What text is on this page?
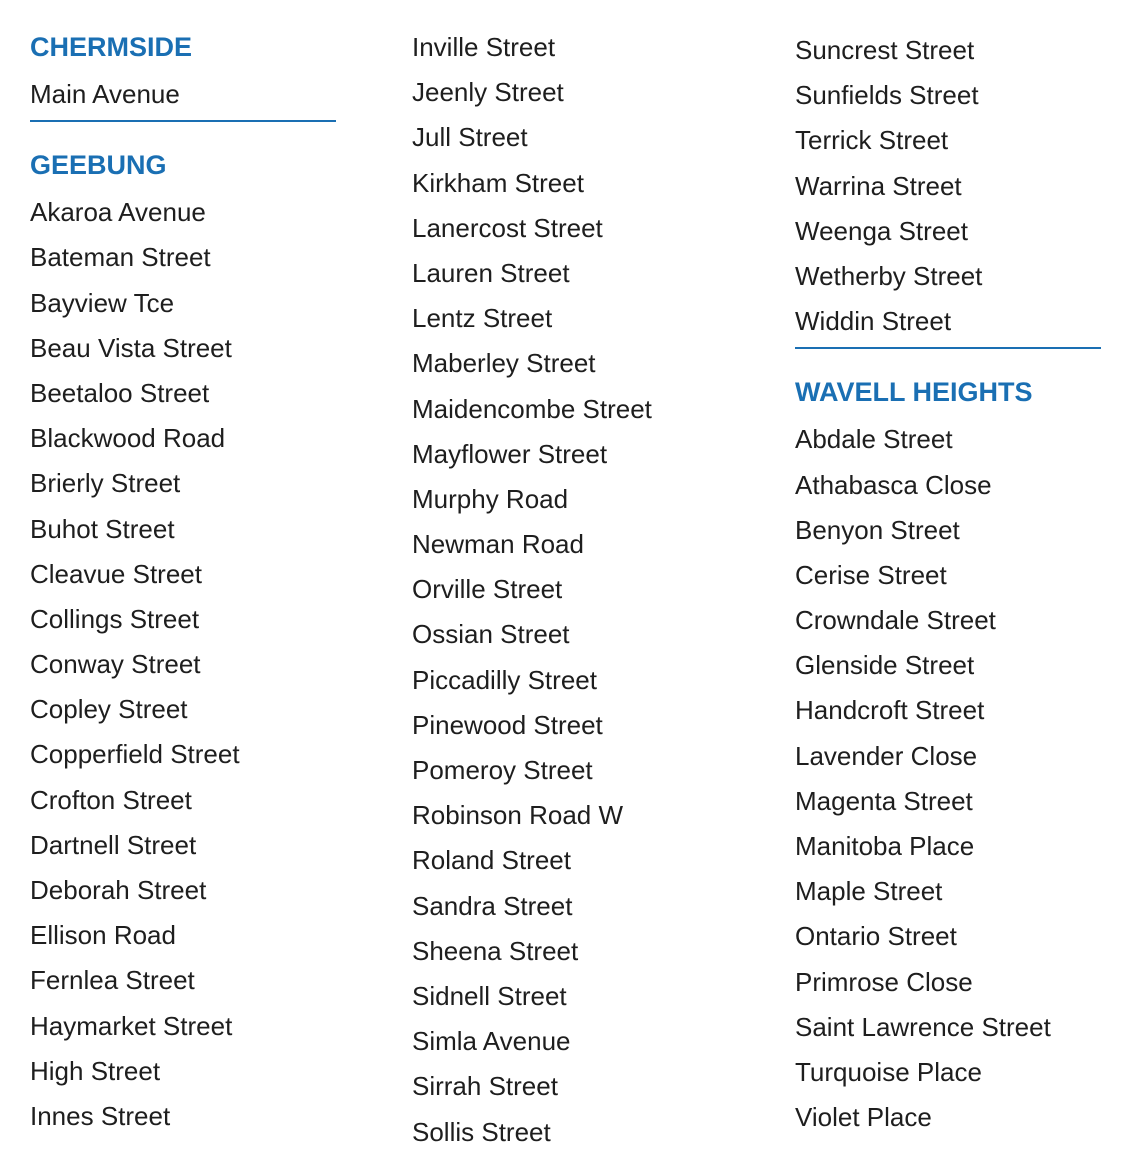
CHERMSIDE
Main Avenue
GEEBUNG
Akaroa Avenue
Bateman Street
Bayview Tce
Beau Vista Street
Beetaloo Street
Blackwood Road
Brierly Street
Buhot Street
Cleavue Street
Collings Street
Conway Street
Copley Street
Copperfield Street
Crofton Street
Dartnell Street
Deborah Street
Ellison Road
Fernlea Street
Haymarket Street
High Street
Innes Street
Inville Street
Jeenly Street
Jull Street
Kirkham Street
Lanercost Street
Lauren Street
Lentz Street
Maberley Street
Maidencombe Street
Mayflower Street
Murphy Road
Newman Road
Orville Street
Ossian Street
Piccadilly Street
Pinewood Street
Pomeroy Street
Robinson Road W
Roland Street
Sandra Street
Sheena Street
Sidnell Street
Simla Avenue
Sirrah Street
Sollis Street
Suncrest Street
Sunfields Street
Terrick Street
Warrina Street
Weenga Street
Wetherby Street
Widdin Street
WAVELL HEIGHTS
Abdale Street
Athabasca Close
Benyon Street
Cerise Street
Crowndale Street
Glenside Street
Handcroft Street
Lavender Close
Magenta Street
Manitoba Place
Maple Street
Ontario Street
Primrose Close
Saint Lawrence Street
Turquoise Place
Violet Place
